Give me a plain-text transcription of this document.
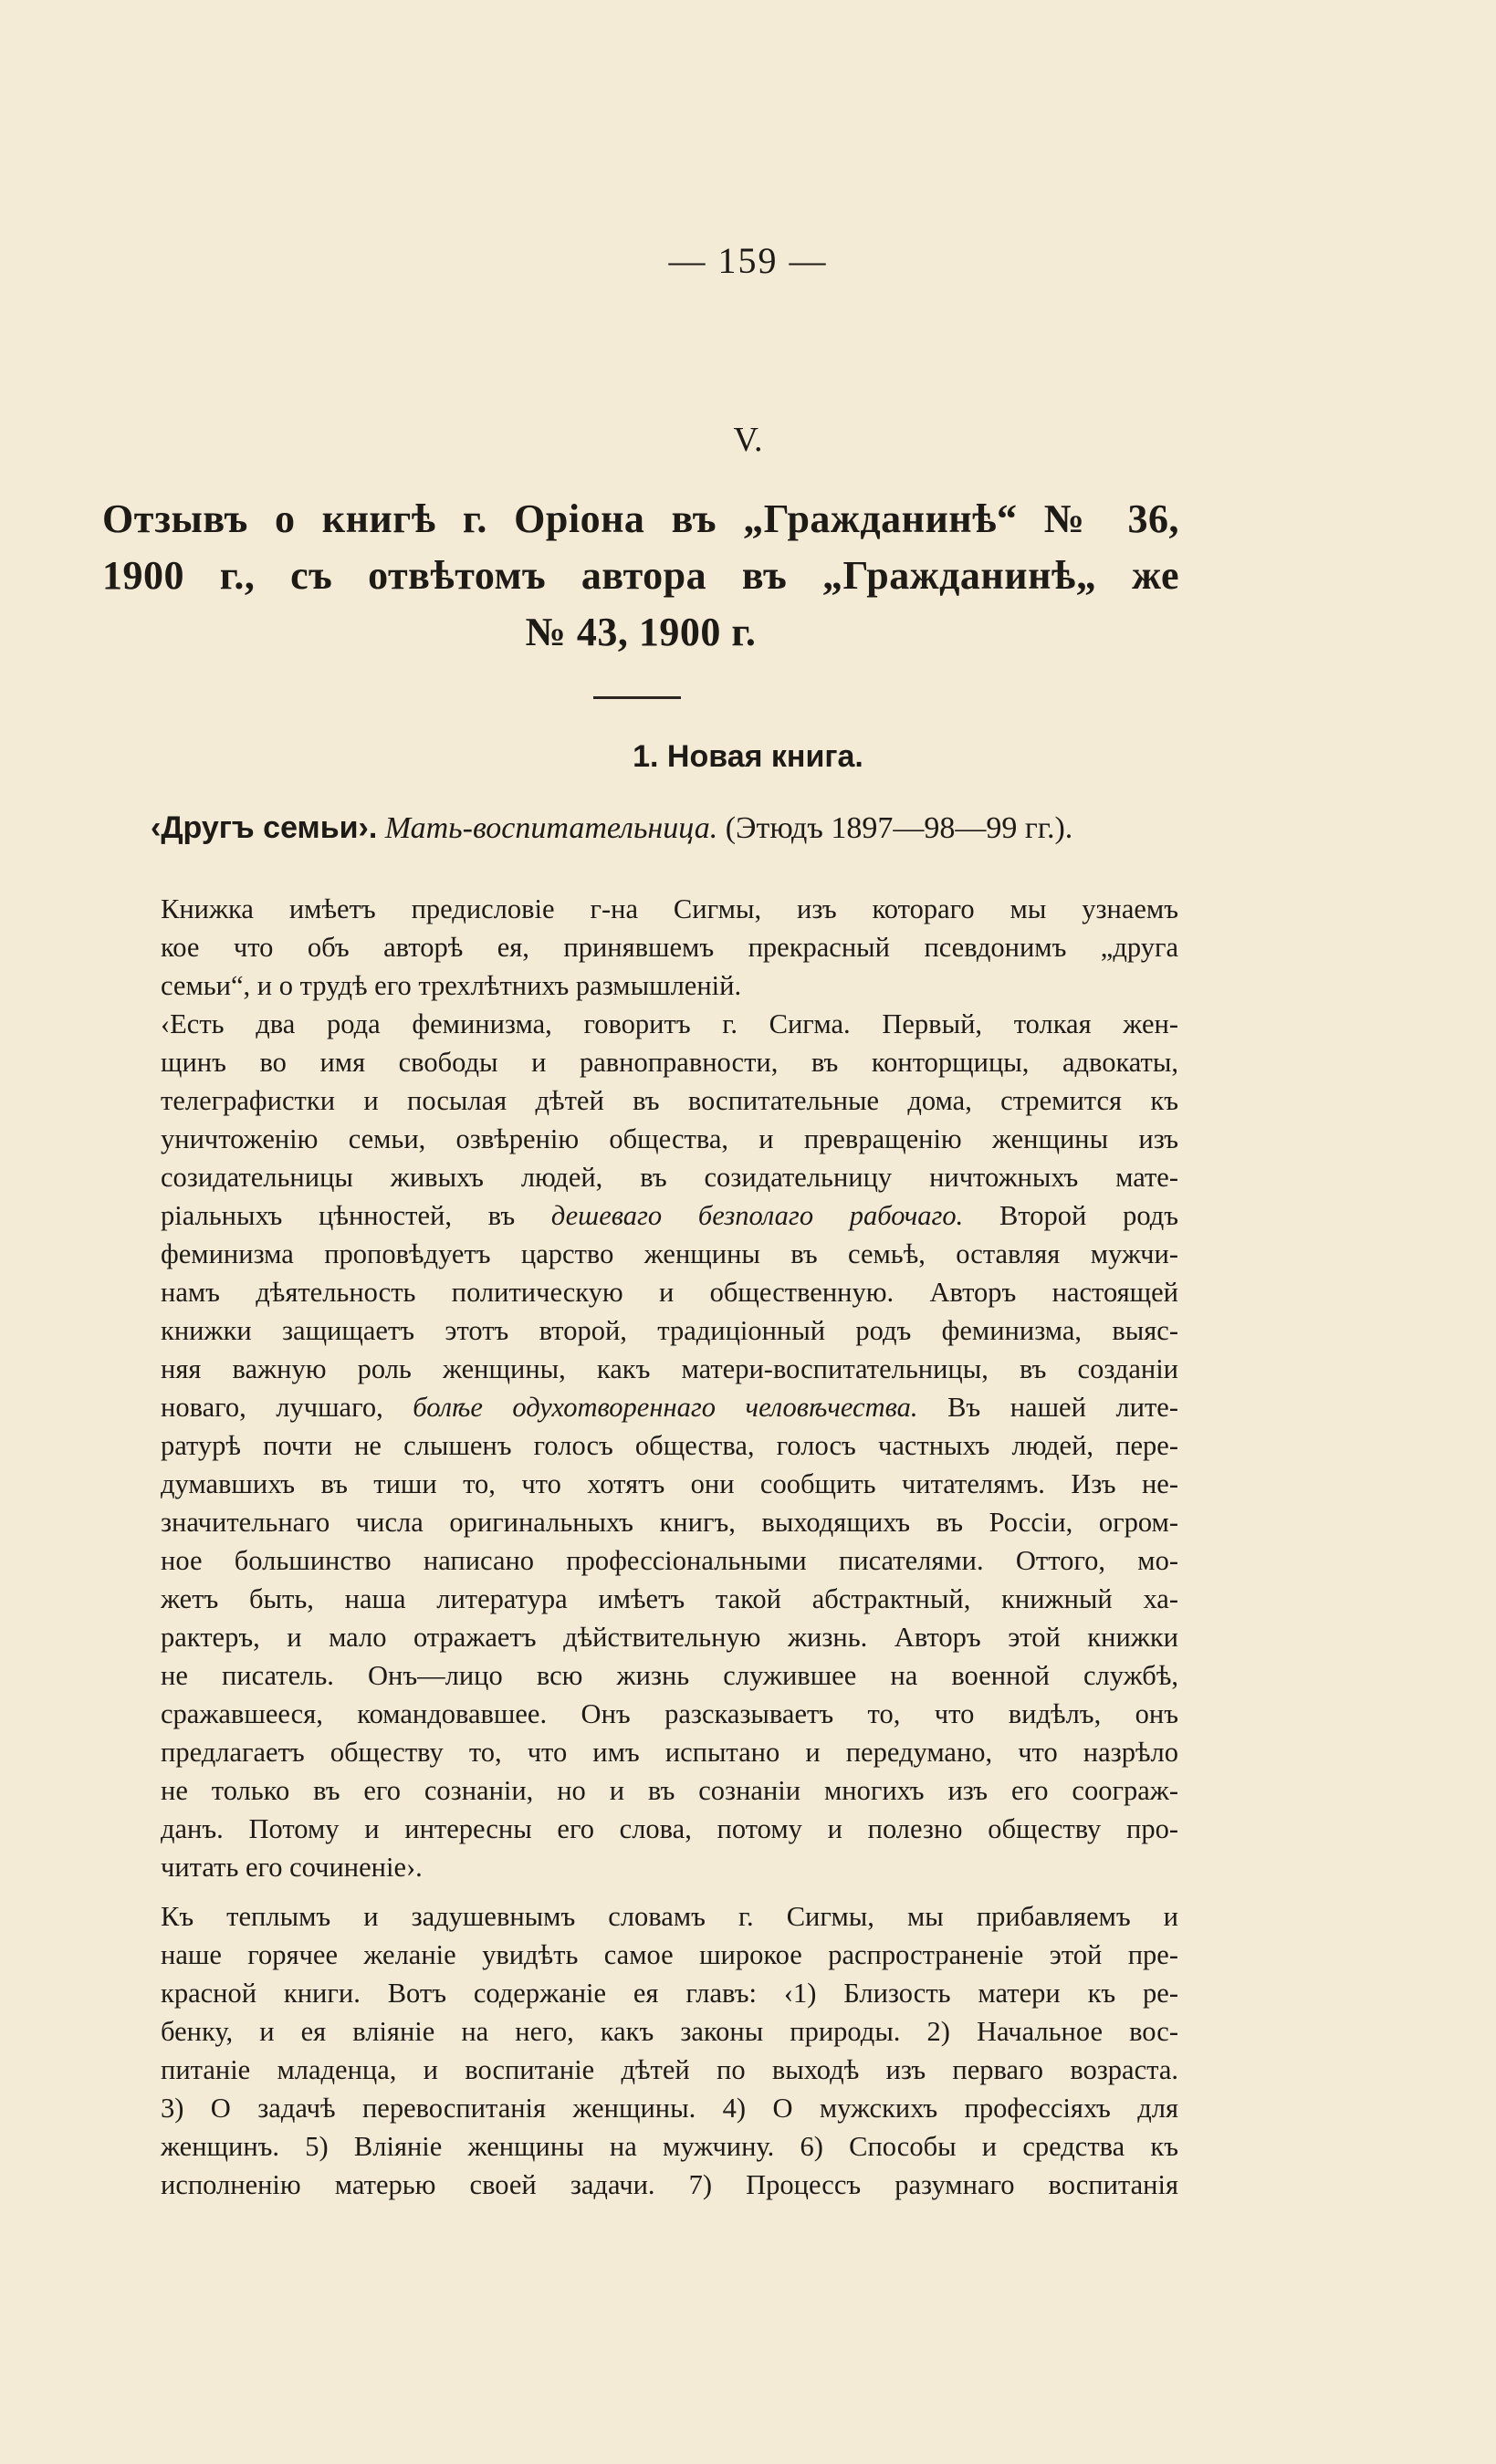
— 159 —
V.
Отзывъ о книгѣ г. Оріона въ „Гражданинѣ“ № 36,
1900 г., съ отвѣтомъ автора въ „Гражданинѣ„ же
№ 43, 1900 г.
1. Новая книга.
‹Другъ семьи›. Мать-воспитательница. (Этюдъ 1897—98—99 гг.).
Книжка имѣетъ предисловіе г-на Сигмы, изъ котораго мы узнаемъ
кое что объ авторѣ ея, принявшемъ прекрасный псевдонимъ „друга
семьи“, и о трудѣ его трехлѣтнихъ размышленій.
‹Есть два рода феминизма, говоритъ г. Сигма. Первый, толкая жен-
щинъ во имя свободы и равноправности, въ конторщицы, адвокаты,
телеграфистки и посылая дѣтей въ воспитательные дома, стремится къ
уничтоженію семьи, озвѣренію общества, и превращенію женщины изъ
созидательницы живыхъ людей, въ созидательницу ничтожныхъ мате-
ріальныхъ цѣнностей, въ дешеваго безполаго рабочаго. Второй родъ
феминизма проповѣдуетъ царство женщины въ семьѣ, оставляя мужчи-
намъ дѣятельность политическую и общественную. Авторъ настоящей
книжки защищаетъ этотъ второй, традиціонный родъ феминизма, выяс-
няя важную роль женщины, какъ матери-воспитательницы, въ созданіи
новаго, лучшаго, болѣе одухотвореннаго человѣчества. Въ нашей лите-
ратурѣ почти не слышенъ голосъ общества, голосъ частныхъ людей, пере-
думавшихъ въ тиши то, что хотятъ они сообщить читателямъ. Изъ не-
значительнаго числа оригинальныхъ книгъ, выходящихъ въ Россіи, огром-
ное большинство написано профессіональными писателями. Оттого, мо-
жетъ быть, наша литература имѣетъ такой абстрактный, книжный ха-
рактеръ, и мало отражаетъ дѣйствительную жизнь. Авторъ этой книжки
не писатель. Онъ—лицо всю жизнь служившее на военной службѣ,
сражавшееся, командовавшее. Онъ разсказываетъ то, что видѣлъ, онъ
предлагаетъ обществу то, что имъ испытано и передумано, что назрѣло
не только въ его сознаніи, но и въ сознаніи многихъ изъ его соограж-
данъ. Потому и интересны его слова, потому и полезно обществу про-
читать его сочиненіе›.
Къ теплымъ и задушевнымъ словамъ г. Сигмы, мы прибавляемъ и
наше горячее желаніе увидѣть самое широкое распространеніе этой пре-
красной книги. Вотъ содержаніе ея главъ: ‹1) Близость матери къ ре-
бенку, и ея вліяніе на него, какъ законы природы. 2) Начальное вос-
питаніе младенца, и воспитаніе дѣтей по выходѣ изъ перваго возраста.
3) О задачѣ перевоспитанія женщины. 4) О мужскихъ профессіяхъ для
женщинъ. 5) Вліяніе женщины на мужчину. 6) Способы и средства къ
исполненію матерью своей задачи. 7) Процессъ разумнаго воспитанія
